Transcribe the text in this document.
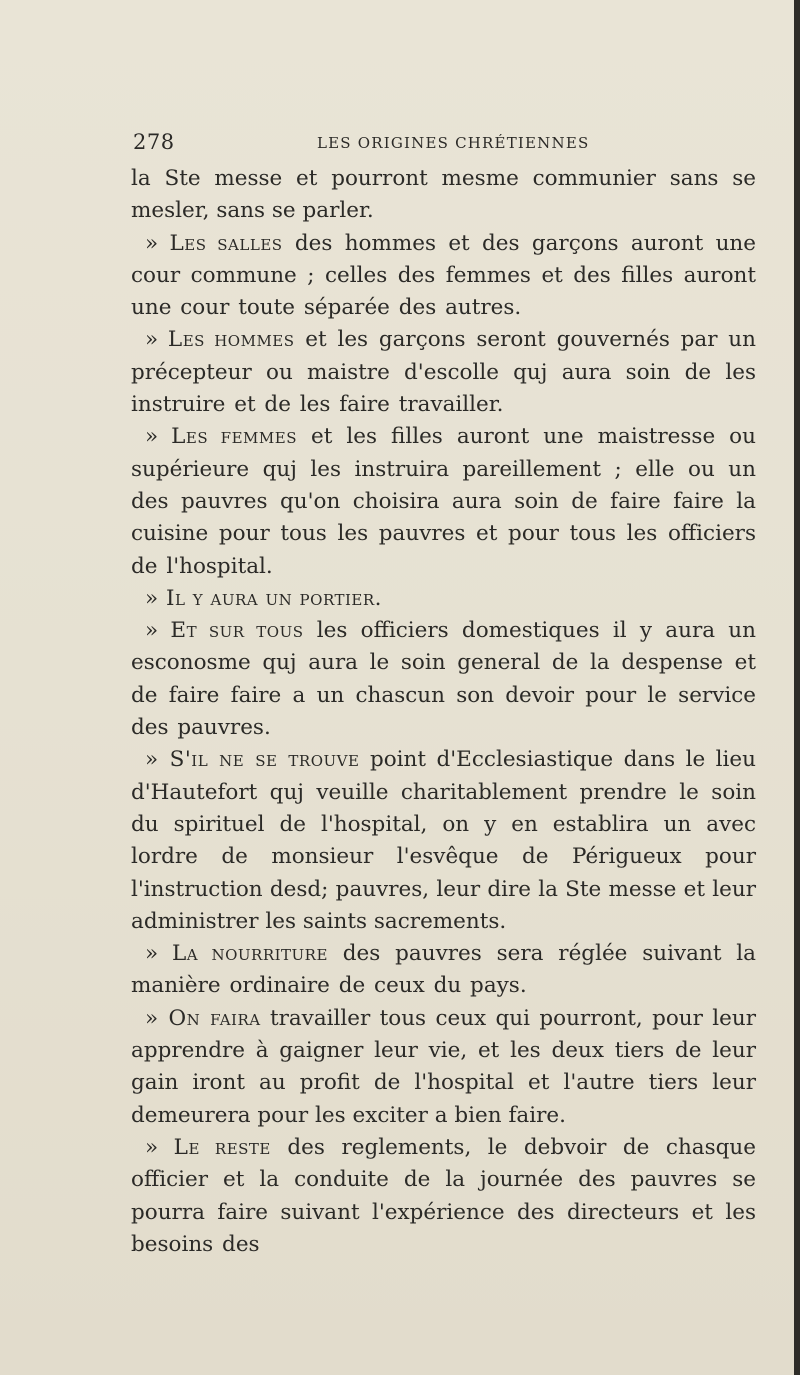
278	LES ORIGINES CHRÉTIENNES

la Ste messe et pourront mesme communier sans se mesler, sans se parler.

» Les salles des hommes et des garçons auront une cour commune ; celles des femmes et des filles auront une cour toute séparée des autres.

» Les hommes et les garçons seront gouvernés par un précepteur ou maistre d'escolle quj aura soin de les instruire et de les faire travailler.

» Les femmes et les filles auront une maistresse ou supérieure quj les instruira pareillement ; elle ou un des pauvres qu'on choisira aura soin de faire faire la cuisine pour tous les pauvres et pour tous les officiers de l'hospital.

» Il y aura un portier.

» Et sur tous les officiers domestiques il y aura un esconosme quj aura le soin general de la despense et de faire faire a un chascun son devoir pour le service des pauvres.

» S'il ne se trouve point d'Ecclesiastique dans le lieu d'Hautefort quj veuille charitablement prendre le soin du spirituel de l'hospital, on y en establira un avec lordre de monsieur l'esvêque de Périgueux pour l'instruction desd; pauvres, leur dire la Ste messe et leur administrer les saints sacrements.

» La nourriture des pauvres sera réglée suivant la manière ordinaire de ceux du pays.

» On faira travailler tous ceux qui pourront, pour leur apprendre à gaigner leur vie, et les deux tiers de leur gain iront au profit de l'hospital et l'autre tiers leur demeurera pour les exciter a bien faire.

» Le reste des reglements, le debvoir de chasque officier et la conduite de la journée des pauvres se pourra faire suivant l'expérience des directeurs et les besoins des
